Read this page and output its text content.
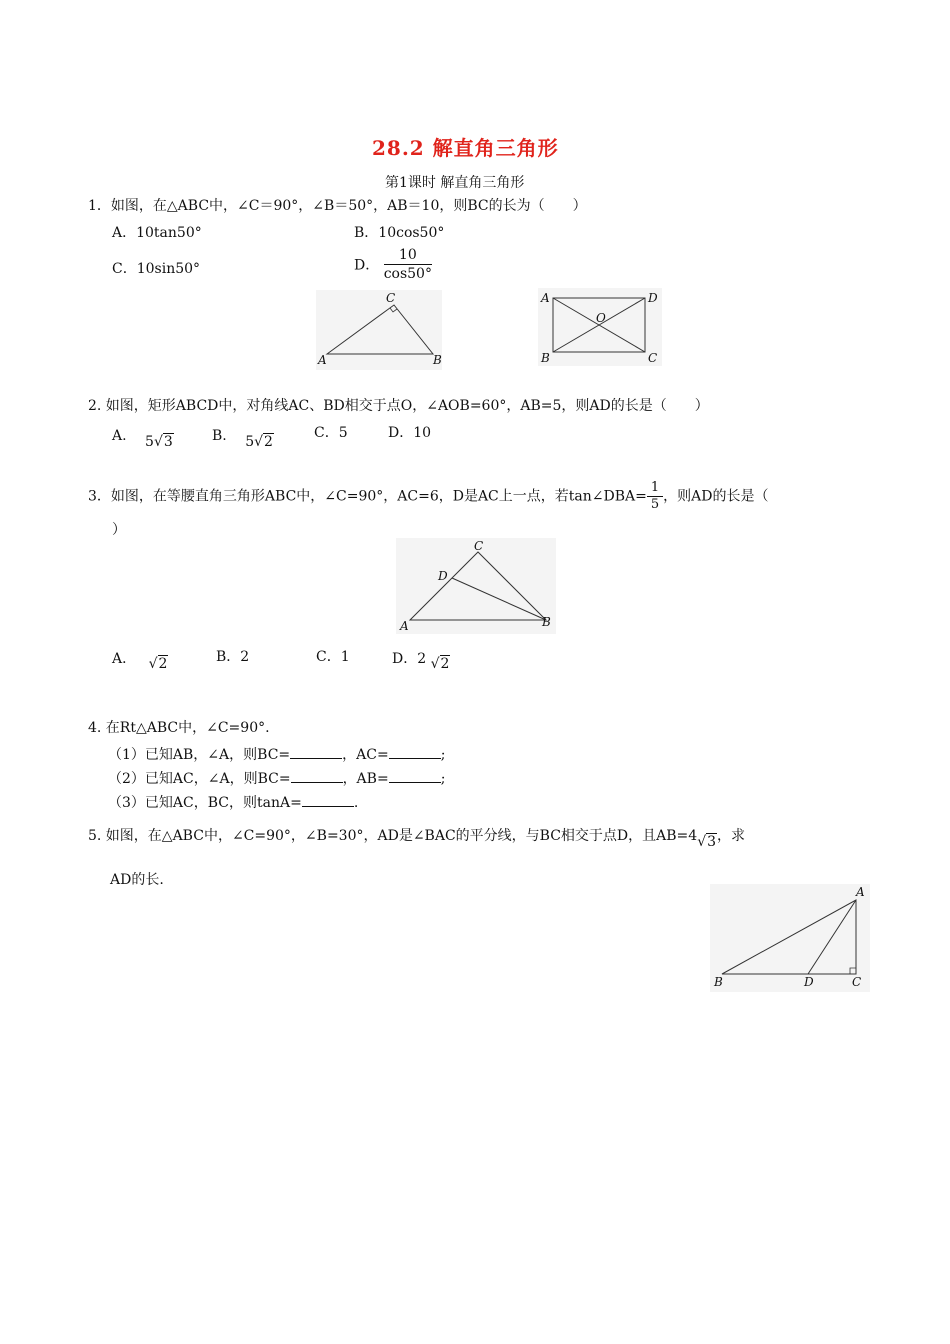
28.2 解直角三角形
第1课时 解直角三角形
1．如图，在△ABC中，∠C＝90°，∠B＝50°，AB＝10，则BC的长为（　　）
A．10tan50°	B．10cos50°
C．10sin50°	D． $\frac{10}{\cos 50^\circ}$
A	B
C	A
B	C
D
O
2. 如图，矩形ABCD中，对角线AC、BD相交于点O，∠AOB=60°，AB=5，则AD的长是（　　）
A. 5√3	B. 5√2
C．5	D．10
3．如图，在等腰直角三角形ABC中，∠C=90°，AC=6，D是AC上一点，若tan∠DBA= $\frac{1}{5}$ ，则AD的长是（
）
A	B
C
D
A． √2	B．2	C．1	D．2 √2
4. 在Rt△ABC中，∠C=90°.
（1）已知AB，∠A，则BC=	，AC=	;
（2）已知AC，∠A，则BC=	，AB=	;
（3）已知AC，BC，则tanA=	.
5. 如图，在△ABC中，∠C=90°，∠B=30°，AD是∠BAC的平分线，与BC相交于点D，且AB=4√3，求
AD的长.
A
B	C
D
